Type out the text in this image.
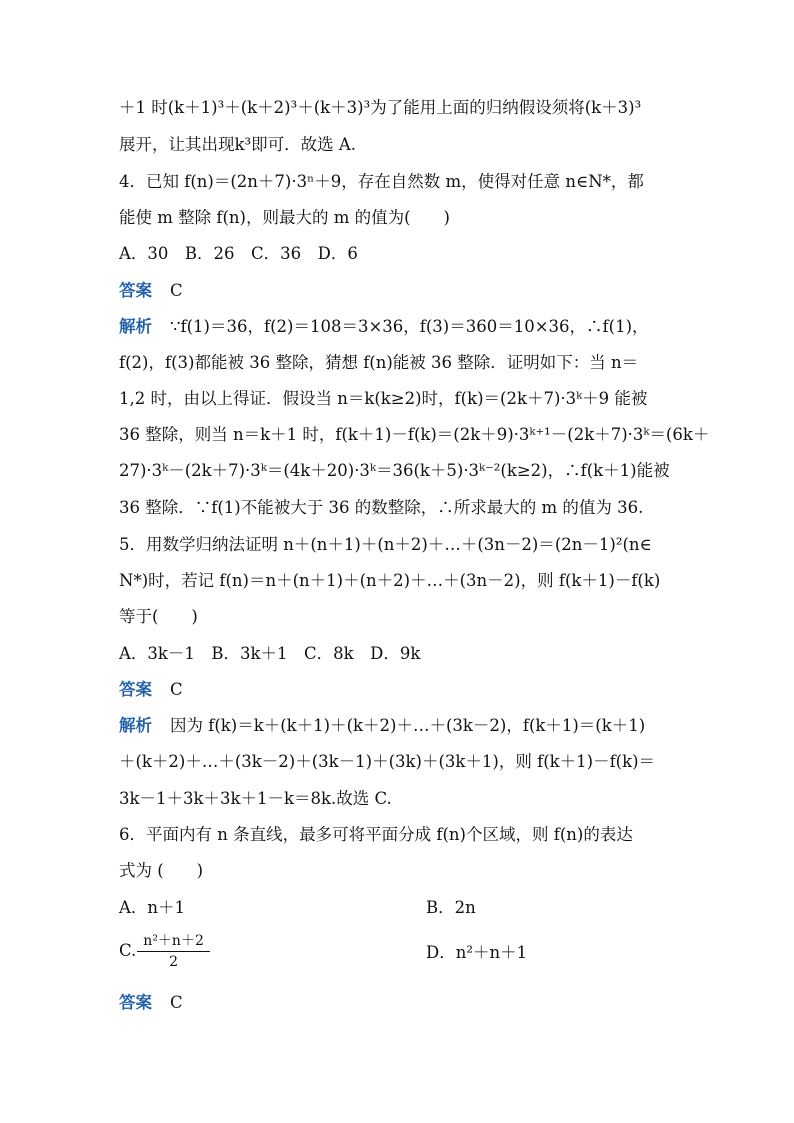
＋1 时(k＋1)³＋(k＋2)³＋(k＋3)³为了能用上面的归纳假设须将(k＋3)³
展开，让其出现k³即可．故选 A.
4．已知 f(n)＝(2n＋7)·3ⁿ＋9，存在自然数 m，使得对任意 n∈N*，都
能使 m 整除 f(n)，则最大的 m 的值为(　　)
A．30　B．26　C．36　D．6
答案 C
解析 ∵f(1)＝36，f(2)＝108＝3×36，f(3)＝360＝10×36，∴f(1)，
f(2)，f(3)都能被 36 整除，猜想 f(n)能被 36 整除．证明如下：当 n＝
1,2 时，由以上得证．假设当 n＝k(k≥2)时，f(k)＝(2k＋7)·3ᵏ＋9 能被
36 整除，则当 n＝k＋1 时，f(k＋1)－f(k)＝(2k＋9)·3ᵏ⁺¹－(2k＋7)·3ᵏ＝(6k＋
27)·3ᵏ－(2k＋7)·3ᵏ＝(4k＋20)·3ᵏ＝36(k＋5)·3ᵏ⁻²(k≥2)，∴f(k＋1)能被
36 整除．∵f(1)不能被大于 36 的数整除，∴所求最大的 m 的值为 36.
5．用数学归纳法证明 n＋(n＋1)＋(n＋2)＋…＋(3n－2)＝(2n－1)²(n∈
N*)时，若记 f(n)＝n＋(n＋1)＋(n＋2)＋…＋(3n－2)，则 f(k＋1)－f(k)
等于(　　)
A．3k－1　B．3k＋1　C．8k　D．9k
答案 C
解析 因为 f(k)＝k＋(k＋1)＋(k＋2)＋…＋(3k－2)，f(k＋1)＝(k＋1)
＋(k＋2)＋…＋(3k－2)＋(3k－1)＋(3k)＋(3k＋1)，则 f(k＋1)－f(k)＝
3k－1＋3k＋3k＋1－k＝8k.故选 C.
6．平面内有 n 条直线，最多可将平面分成 f(n)个区域，则 f(n)的表达
式为 (　　)
A．n＋1	B．2n
C. $\frac{\text{n²＋n＋2}}{2}$	D．n²＋n＋1
答案 C
